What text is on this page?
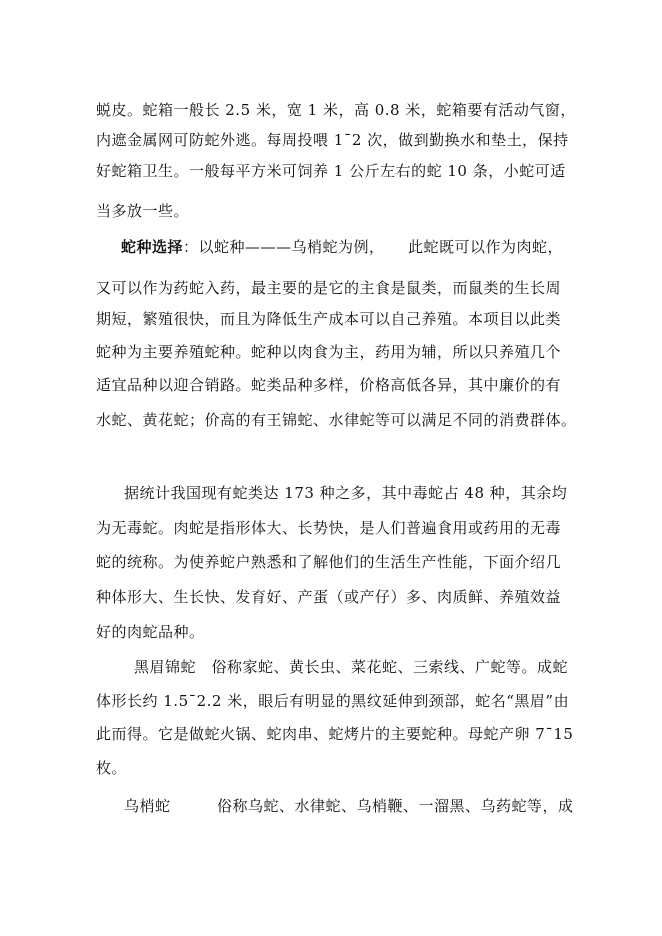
蜕皮。蛇箱一般长 2.5 米，宽 1 米，高 0.8 米，蛇箱要有活动气窗，
内遮金属网可防蛇外逃。每周投喂 1¯2 次，做到勤换水和垫土，保持
好蛇箱卫生。一般每平方米可饲养 1 公斤左右的蛇 10 条，小蛇可适
当多放一些。
蛇种选择：以蛇种———乌梢蛇为例，　　此蛇既可以作为肉蛇，
又可以作为药蛇入药，最主要的是它的主食是鼠类，而鼠类的生长周
期短，繁殖很快，而且为降低生产成本可以自己养殖。本项目以此类
蛇种为主要养殖蛇种。蛇种以肉食为主，药用为辅，所以只养殖几个
适宜品种以迎合销路。蛇类品种多样，价格高低各异，其中廉价的有
水蛇、黄花蛇；价高的有王锦蛇、水律蛇等可以满足不同的消费群体。
据统计我国现有蛇类达 173 种之多，其中毒蛇占 48 种，其余均
为无毒蛇。肉蛇是指形体大、长势快，是人们普遍食用或药用的无毒
蛇的统称。为使养蛇户熟悉和了解他们的生活生产性能，下面介绍几
种体形大、生长快、发育好、产蛋（或产仔）多、肉质鲜、养殖效益
好的肉蛇品种。
黑眉锦蛇　俗称家蛇、黄长虫、菜花蛇、三索线、广蛇等。成蛇
体形长约 1.5¯2.2 米，眼后有明显的黑纹延伸到颈部，蛇名“黑眉”由
此而得。它是做蛇火锅、蛇肉串、蛇烤片的主要蛇种。母蛇产卵 7¯15
枚。
乌梢蛇　　　俗称乌蛇、水律蛇、乌梢鞭、一溜黑、乌药蛇等，成
